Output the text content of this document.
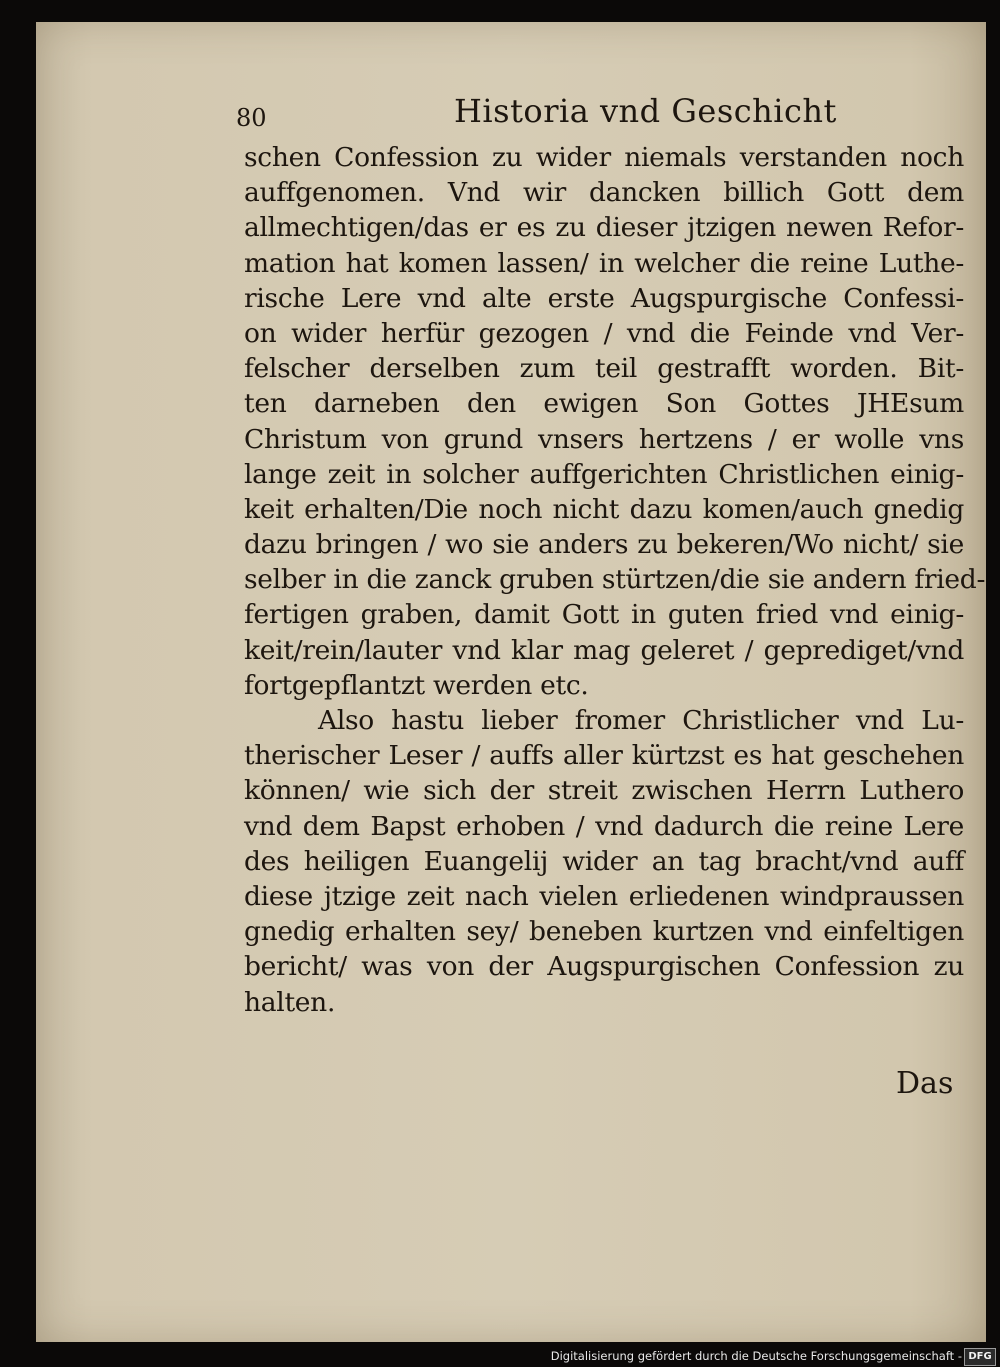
80	Historia vnd Geschicht
schen Confession zu wider niemals verstanden noch
auffgenomen. Vnd wir dancken billich Gott dem
allmechtigen/das er es zu dieser jtzigen newen Refor-
mation hat komen lassen/ in welcher die reine Luthe-
rische Lere vnd alte erste Augspurgische Confessi-
on wider herfür gezogen / vnd die Feinde vnd Ver-
felscher derselben zum teil gestrafft worden. Bit-
ten darneben den ewigen Son Gottes JHEsum
Christum von grund vnsers hertzens / er wolle vns
lange zeit in solcher auffgerichten Christlichen einig-
keit erhalten/Die noch nicht dazu komen/auch gnedig
dazu bringen / wo sie anders zu bekeren/Wo nicht/ sie
selber in die zanck gruben stürtzen/die sie andern fried-
fertigen graben, damit Gott in guten fried vnd einig-
keit/rein/lauter vnd klar mag geleret / geprediget/vnd
fortgepflantzt werden etc.
Also hastu lieber fromer Christlicher vnd Lu-
therischer Leser / auffs aller kürtzst es hat geschehen
können/ wie sich der streit zwischen Herrn Luthero
vnd dem Bapst erhoben / vnd dadurch die reine Lere
des heiligen Euangelij wider an tag bracht/vnd auff
diese jtzige zeit nach vielen erliedenen windpraussen
gnedig erhalten sey/ beneben kurtzen vnd einfeltigen
bericht/ was von der Augspurgischen Confession zu
halten.
Das
Digitalisierung gefördert durch die Deutsche Forschungsgemeinschaft - DFG
